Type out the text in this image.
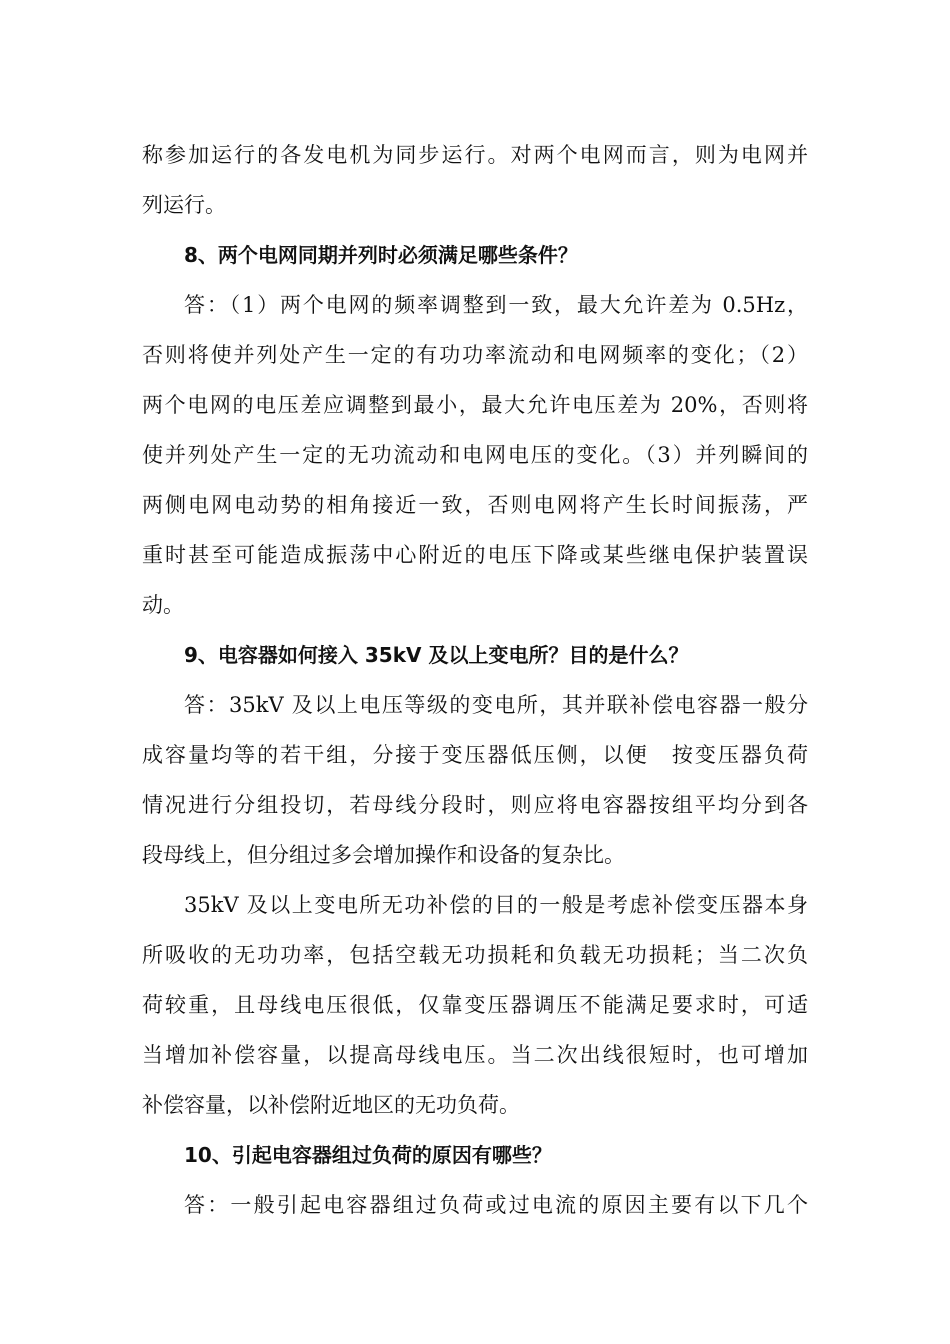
称参加运行的各发电机为同步运行。对两个电网而言，则为电网并
列运行。
8、两个电网同期并列时必须满足哪些条件？
答：（1）两个电网的频率调整到一致，最大允许差为 0.5Hz，
否则将使并列处产生一定的有功功率流动和电网频率的变化；（2）
两个电网的电压差应调整到最小，最大允许电压差为 20%，否则将
使并列处产生一定的无功流动和电网电压的变化。（3）并列瞬间的
两侧电网电动势的相角接近一致，否则电网将产生长时间振荡，严
重时甚至可能造成振荡中心附近的电压下降或某些继电保护装置误
动。
9、电容器如何接入 35kV 及以上变电所？目的是什么？
答：35kV 及以上电压等级的变电所，其并联补偿电容器一般分
成容量均等的若干组，分接于变压器低压侧，以便　按变压器负荷
情况进行分组投切，若母线分段时，则应将电容器按组平均分到各
段母线上，但分组过多会增加操作和设备的复杂比。
35kV 及以上变电所无功补偿的目的一般是考虑补偿变压器本身
所吸收的无功功率，包括空载无功损耗和负载无功损耗；当二次负
荷较重，且母线电压很低，仅靠变压器调压不能满足要求时，可适
当增加补偿容量，以提高母线电压。当二次出线很短时，也可增加
补偿容量，以补偿附近地区的无功负荷。
10、引起电容器组过负荷的原因有哪些？
答：一般引起电容器组过负荷或过电流的原因主要有以下几个
